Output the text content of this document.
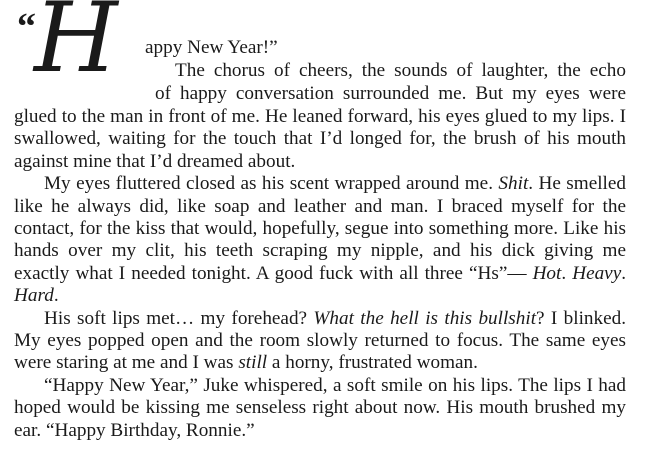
“
H appy New Year!”
The chorus of cheers, the sounds of laughter, the echo
of happy conversation surrounded me. But my eyes were

glued to the man in front of me. He leaned forward, his eyes glued to my lips. I swallowed, waiting for the touch that I’d longed for, the brush of his mouth against mine that I’d dreamed about.

My eyes fluttered closed as his scent wrapped around me. Shit. He smelled like he always did, like soap and leather and man. I braced myself for the contact, for the kiss that would, hopefully, segue into something more. Like his hands over my clit, his teeth scraping my nipple, and his dick giving me exactly what I needed tonight. A good fuck with all three “Hs”— Hot. Heavy. Hard.

His soft lips met… my forehead? What the hell is this bullshit? I blinked. My eyes popped open and the room slowly returned to focus. The same eyes were staring at me and I was still a horny, frustrated woman.

“Happy New Year,” Juke whispered, a soft smile on his lips. The lips I had hoped would be kissing me senseless right about now. His mouth brushed my ear. “Happy Birthday, Ronnie.”
